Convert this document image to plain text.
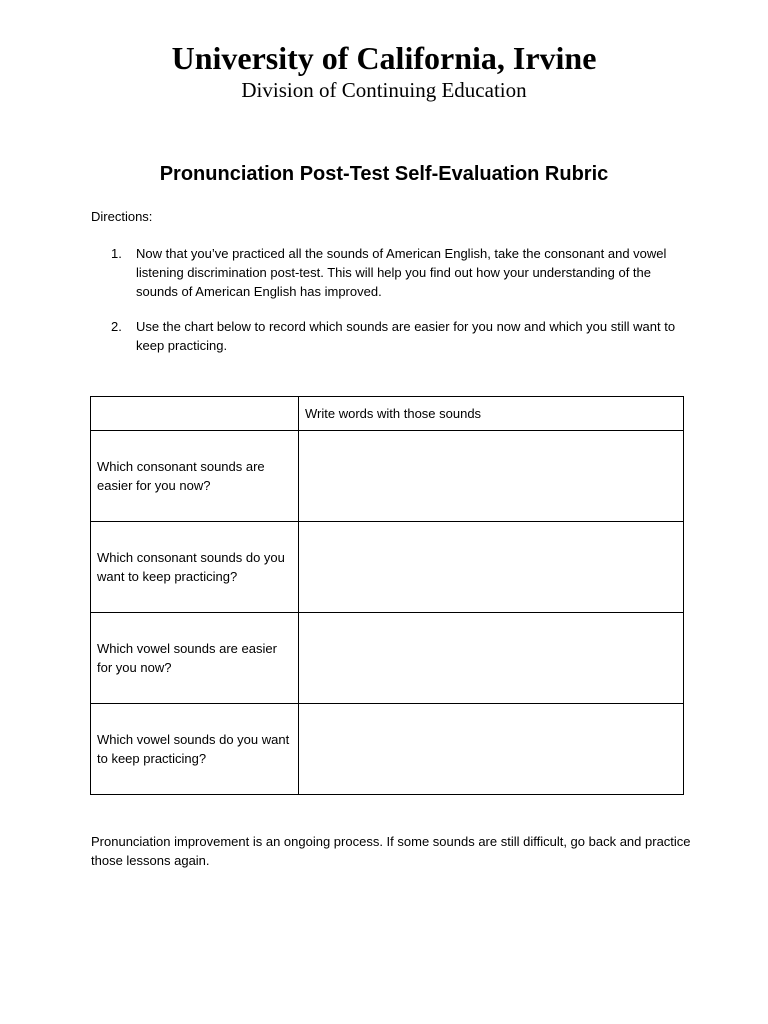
University of California, Irvine

Division of Continuing Education

Pronunciation Post-Test Self-Evaluation Rubric

Directions:

1. Now that you’ve practiced all the sounds of American English, take the consonant and vowel listening discrimination post-test. This will help you find out how your understanding of the sounds of American English has improved.
2. Use the chart below to record which sounds are easier for you now and which you still want to keep practicing.
	Write words with those sounds
Which consonant sounds are easier for you now?	
Which consonant sounds do you want to keep practicing?	
Which vowel sounds are easier for you now?	
Which vowel sounds do you want to keep practicing?	

Pronunciation improvement is an ongoing process. If some sounds are still difficult, go back and practice those lessons again.
